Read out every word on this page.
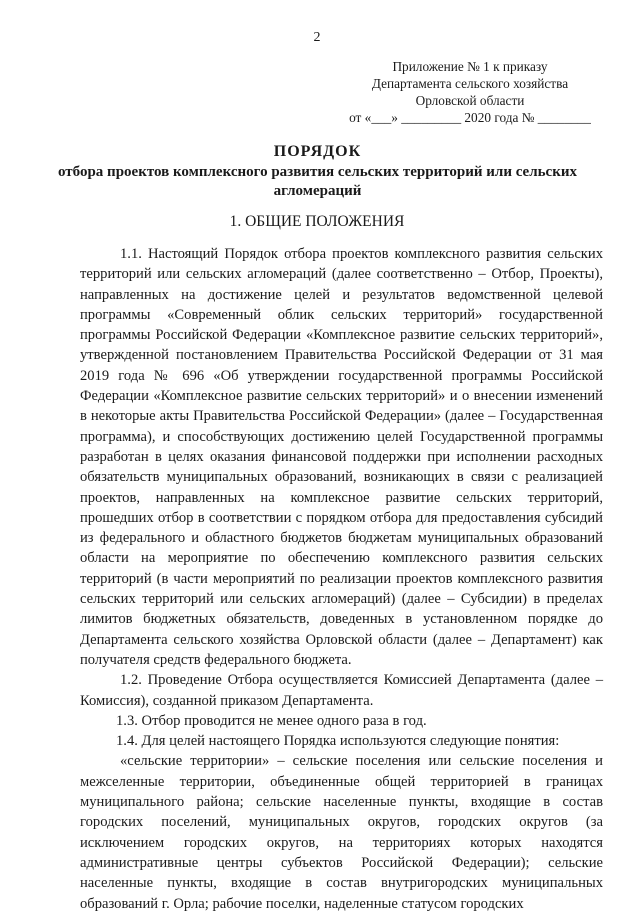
2
Приложение № 1 к приказу
Департамента сельского хозяйства
Орловской области
от «___» _________ 2020 года № ________
ПОРЯДОК
отбора проектов комплексного развития сельских территорий или сельских агломераций
1. ОБЩИЕ ПОЛОЖЕНИЯ

1.1. Настоящий Порядок отбора проектов комплексного развития сельских территорий или сельских агломераций (далее соответственно – Отбор, Проекты), направленных на достижение целей и результатов ведомственной целевой программы «Современный облик сельских территорий» государственной программы Российской Федерации «Комплексное развитие сельских территорий», утвержденной постановлением Правительства Российской Федерации от 31 мая 2019 года № 696 «Об утверждении государственной программы Российской Федерации «Комплексное развитие сельских территорий» и о внесении изменений в некоторые акты Правительства Российской Федерации» (далее – Государственная программа), и способствующих достижению целей Государственной программы разработан в целях оказания финансовой поддержки при исполнении расходных обязательств муниципальных образований, возникающих в связи с реализацией проектов, направленных на комплексное развитие сельских территорий, прошедших отбор в соответствии с порядком отбора для предоставления субсидий из федерального и областного бюджетов бюджетам муниципальных образований области на мероприятие по обеспечению комплексного развития сельских территорий (в части мероприятий по реализации проектов комплексного развития сельских территорий или сельских агломераций) (далее – Субсидии) в пределах лимитов бюджетных обязательств, доведенных в установленном порядке до Департамента сельского хозяйства Орловской области (далее – Департамент) как получателя средств федерального бюджета.

1.2. Проведение Отбора осуществляется Комиссией Департамента (далее – Комиссия), созданной приказом Департамента.

1.3. Отбор проводится не менее одного раза в год.

1.4. Для целей настоящего Порядка используются следующие понятия:

«сельские территории» – сельские поселения или сельские поселения и межселенные территории, объединенные общей территорией в границах муниципального района; сельские населенные пункты, входящие в состав городских поселений, муниципальных округов, городских округов (за исключением городских округов, на территориях которых находятся административные центры субъектов Российской Федерации); сельские населенные пункты, входящие в состав внутригородских муниципальных образований г. Орла; рабочие поселки, наделенные статусом городских
